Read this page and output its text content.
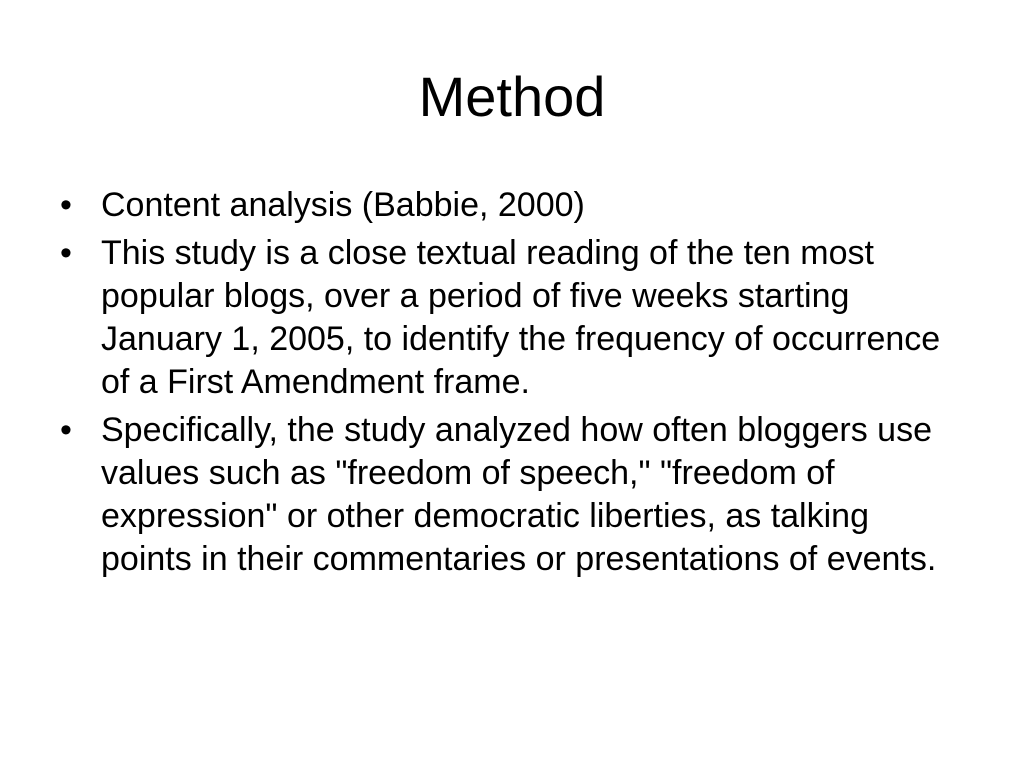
Method
• Content analysis (Babbie, 2000)
• This study is a close textual reading of the ten most popular blogs, over a period of five weeks starting January 1, 2005, to identify the frequency of occurrence of a First Amendment frame.
• Specifically, the study analyzed how often bloggers use values such as "freedom of speech," "freedom of expression" or other democratic liberties, as talking points in their commentaries or presentations of events.
